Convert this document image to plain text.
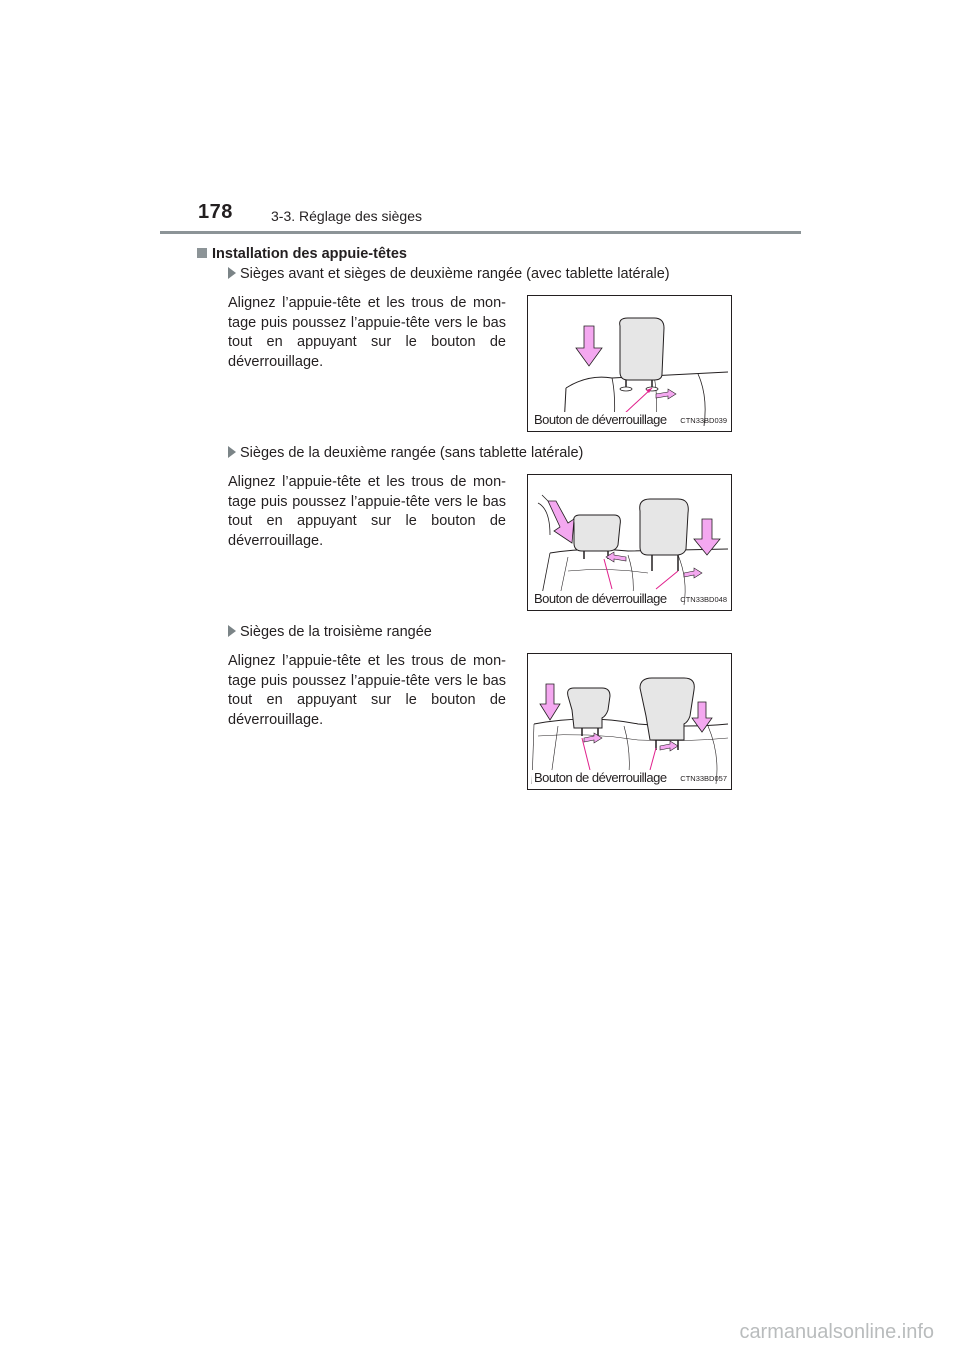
178	3-3. Réglage des sièges
Installation des appuie-têtes
Sièges avant et sièges de deuxième rangée (avec tablette latérale)
Alignez l’appuie-tête et les trous de mon-tage puis poussez l’appuie-tête vers le bas tout en appuyant sur le bouton de déverrouillage.
Bouton de déverrouillage CTN33BD039
Sièges de la deuxième rangée (sans tablette latérale)
Alignez l’appuie-tête et les trous de mon-tage puis poussez l’appuie-tête vers le bas tout en appuyant sur le bouton de déverrouillage.
Bouton de déverrouillage CTN33BD048
Sièges de la troisième rangée
Alignez l’appuie-tête et les trous de mon-tage puis poussez l’appuie-tête vers le bas tout en appuyant sur le bouton de déverrouillage.
Bouton de déverrouillage CTN33BD057
carmanualsonline.info
